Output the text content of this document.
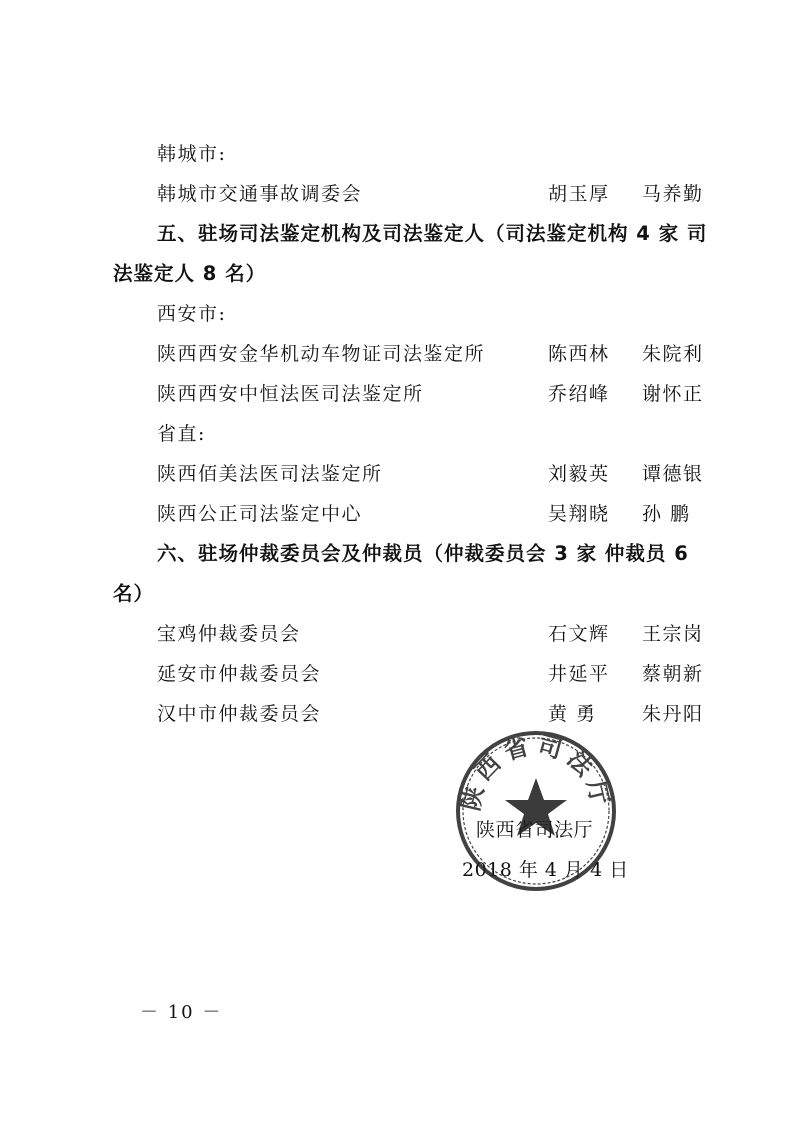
韩城市:
韩城市交通事故调委会	胡玉厚 马养勤
五、驻场司法鉴定机构及司法鉴定人（司法鉴定机构 4 家 司
法鉴定人 8 名）
西安市:
陕西西安金华机动车物证司法鉴定所	陈西林 朱院利
陕西西安中恒法医司法鉴定所	乔绍峰 谢怀正
省直:
陕西佰美法医司法鉴定所	刘毅英 谭德银
陕西公正司法鉴定中心	吴翔晓 孙 鹏
六、驻场仲裁委员会及仲裁员（仲裁委员会 3 家 仲裁员 6
名）
宝鸡仲裁委员会	石文辉 王宗岗
延安市仲裁委员会	井延平 蔡朝新
汉中市仲裁委员会	黄 勇 朱丹阳
陕西省司法厅
2018 年 4 月 4 日
陕西省司法厅
－ 10 －
